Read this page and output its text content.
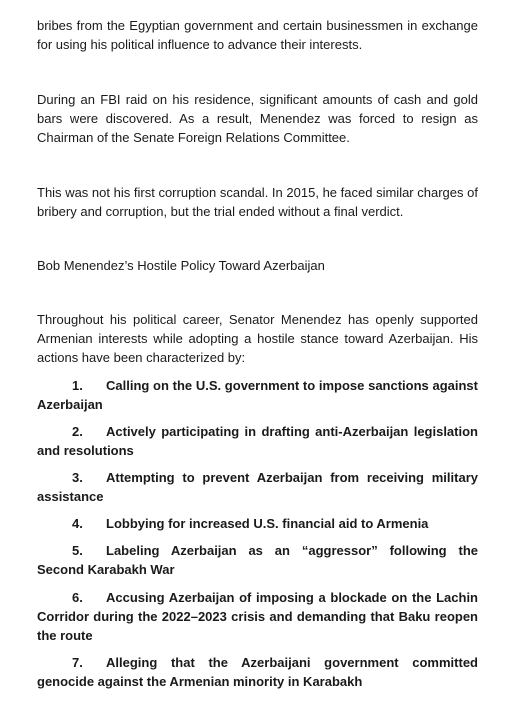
bribes from the Egyptian government and certain businessmen in exchange for using his political influence to advance their interests.

During an FBI raid on his residence, significant amounts of cash and gold bars were discovered. As a result, Menendez was forced to resign as Chairman of the Senate Foreign Relations Committee.

This was not his first corruption scandal. In 2015, he faced similar charges of bribery and corruption, but the trial ended without a final verdict.

Bob Menendez’s Hostile Policy Toward Azerbaijan

Throughout his political career, Senator Menendez has openly supported Armenian interests while adopting a hostile stance toward Azerbaijan. His actions have been characterized by:

1. Calling on the U.S. government to impose sanctions against Azerbaijan

2. Actively participating in drafting anti-Azerbaijan legislation and resolutions

3. Attempting to prevent Azerbaijan from receiving military assistance

4. Lobbying for increased U.S. financial aid to Armenia

5. Labeling Azerbaijan as an “aggressor” following the Second Karabakh War

6. Accusing Azerbaijan of imposing a blockade on the Lachin Corridor during the 2022–2023 crisis and demanding that Baku reopen the route

7. Alleging that the Azerbaijani government committed genocide against the Armenian minority in Karabakh
